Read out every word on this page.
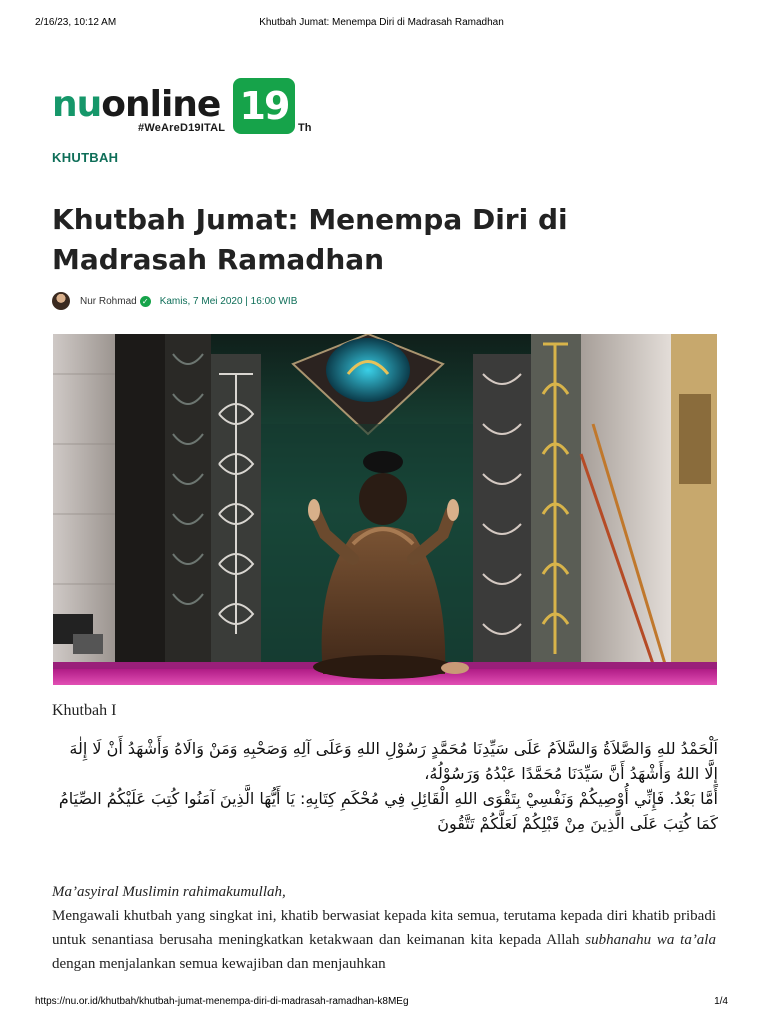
2/16/23, 10:12 AM	Khutbah Jumat: Menempa Diri di Madrasah Ramadhan
nuonline
#WeAreD19ITAL 19 Th
KHUTBAH
Khutbah Jumat: Menempa Diri di Madrasah Ramadhan
Nur Rohmad ✓ Kamis, 7 Mei 2020 | 16:00 WIB
Khutbah I
اَلْحَمْدُ للهِ وَالصَّلاَةُ وَالسَّلاَمُ عَلَى سَيِّدِنَا مُحَمَّدٍ رَسُوْلِ اللهِ وَعَلَى آلِهِ وَصَحْبِهِ وَمَنْ وَالَاهُ وَأَشْهَدُ أَنْ لَا إِلٰهَ إِلَّا اللهُ وَأَشْهَدُ أَنَّ سَيِّدَنَا مُحَمَّدًا عَبْدُهُ وَرَسُوْلُهُ،
أَمَّا بَعْدُ. فَإِنِّي أُوْصِيكُمْ وَنَفْسِيْ بِتَقْوَى اللهِ الْقَائِلِ فِي مُحْكَمِ كِتَابِهِ: يَا أَيُّهَا الَّذِينَ آمَنُوا كُتِبَ عَلَيْكُمُ الصِّيَامُ كَمَا كُتِبَ عَلَى الَّذِينَ مِنْ قَبْلِكُمْ لَعَلَّكُمْ تَتَّقُونَ

Ma’asyiral Muslimin rahimakumullah,

Mengawali khutbah yang singkat ini, khatib berwasiat kepada kita semua, terutama kepada diri khatib pribadi untuk senantiasa berusaha meningkatkan ketakwaan dan keimanan kita kepada Allah subhanahu wa ta’ala dengan menjalankan semua kewajiban dan menjauhkan

https://nu.or.id/khutbah/khutbah-jumat-menempa-diri-di-madrasah-ramadhan-k8MEg	1/4
